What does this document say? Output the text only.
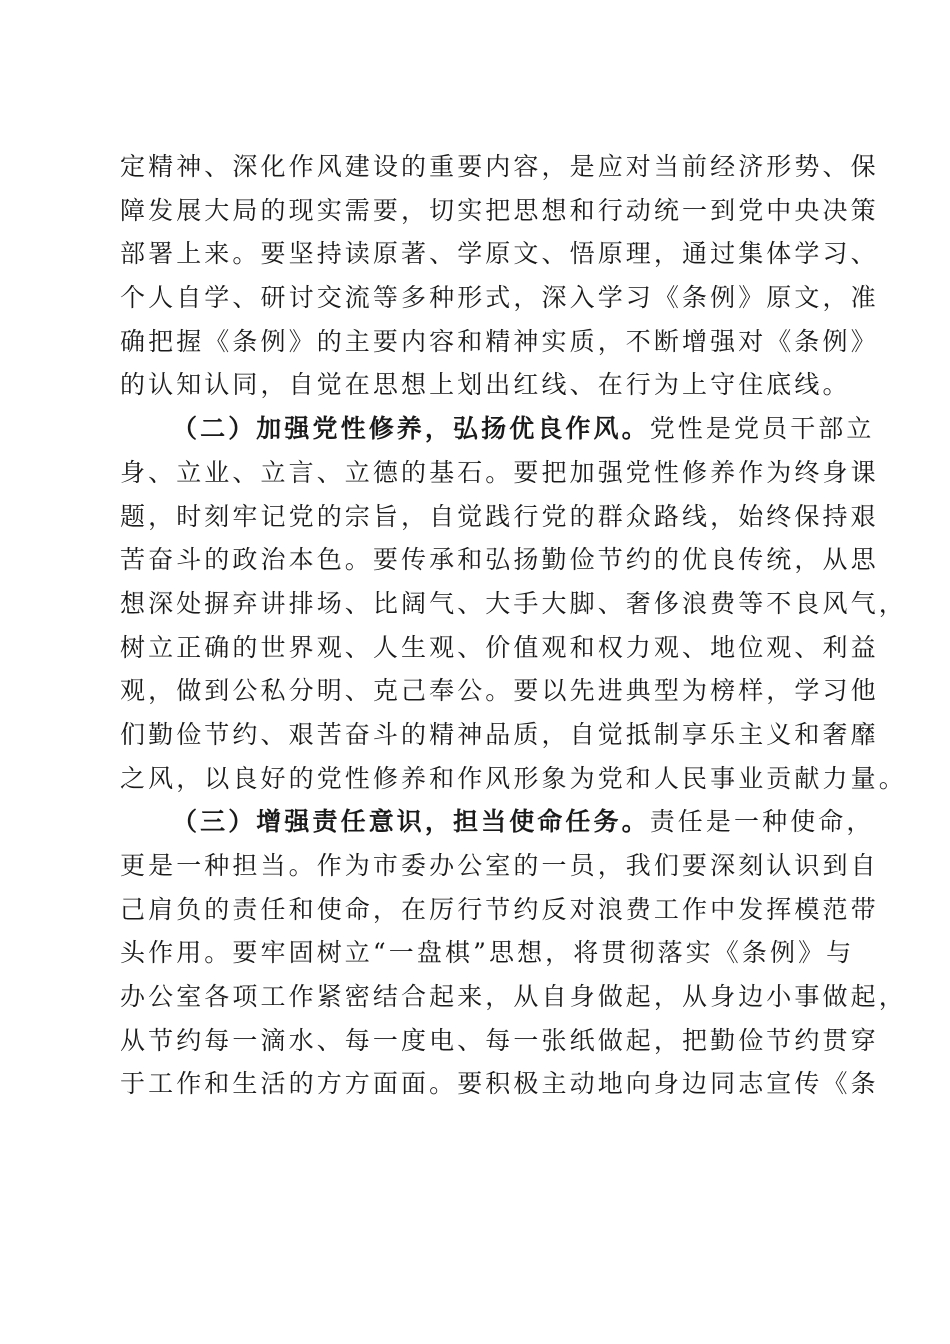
定精神、深化作风建设的重要内容，是应对当前经济形势、保
障发展大局的现实需要，切实把思想和行动统一到党中央决策
部署上来。要坚持读原著、学原文、悟原理，通过集体学习、
个人自学、研讨交流等多种形式，深入学习《条例》原文，准
确把握《条例》的主要内容和精神实质，不断增强对《条例》
的认知认同，自觉在思想上划出红线、在行为上守住底线。
（二）加强党性修养，弘扬优良作风。党性是党员干部立
身、立业、立言、立德的基石。要把加强党性修养作为终身课
题，时刻牢记党的宗旨，自觉践行党的群众路线，始终保持艰
苦奋斗的政治本色。要传承和弘扬勤俭节约的优良传统，从思
想深处摒弃讲排场、比阔气、大手大脚、奢侈浪费等不良风气，
树立正确的世界观、人生观、价值观和权力观、地位观、利益
观，做到公私分明、克己奉公。要以先进典型为榜样，学习他
们勤俭节约、艰苦奋斗的精神品质，自觉抵制享乐主义和奢靡
之风，以良好的党性修养和作风形象为党和人民事业贡献力量。
（三）增强责任意识，担当使命任务。责任是一种使命，
更是一种担当。作为市委办公室的一员，我们要深刻认识到自
己肩负的责任和使命，在厉行节约反对浪费工作中发挥模范带
头作用。要牢固树立“一盘棋”思想，将贯彻落实《条例》与
办公室各项工作紧密结合起来，从自身做起，从身边小事做起，
从节约每一滴水、每一度电、每一张纸做起，把勤俭节约贯穿
于工作和生活的方方面面。要积极主动地向身边同志宣传《条
